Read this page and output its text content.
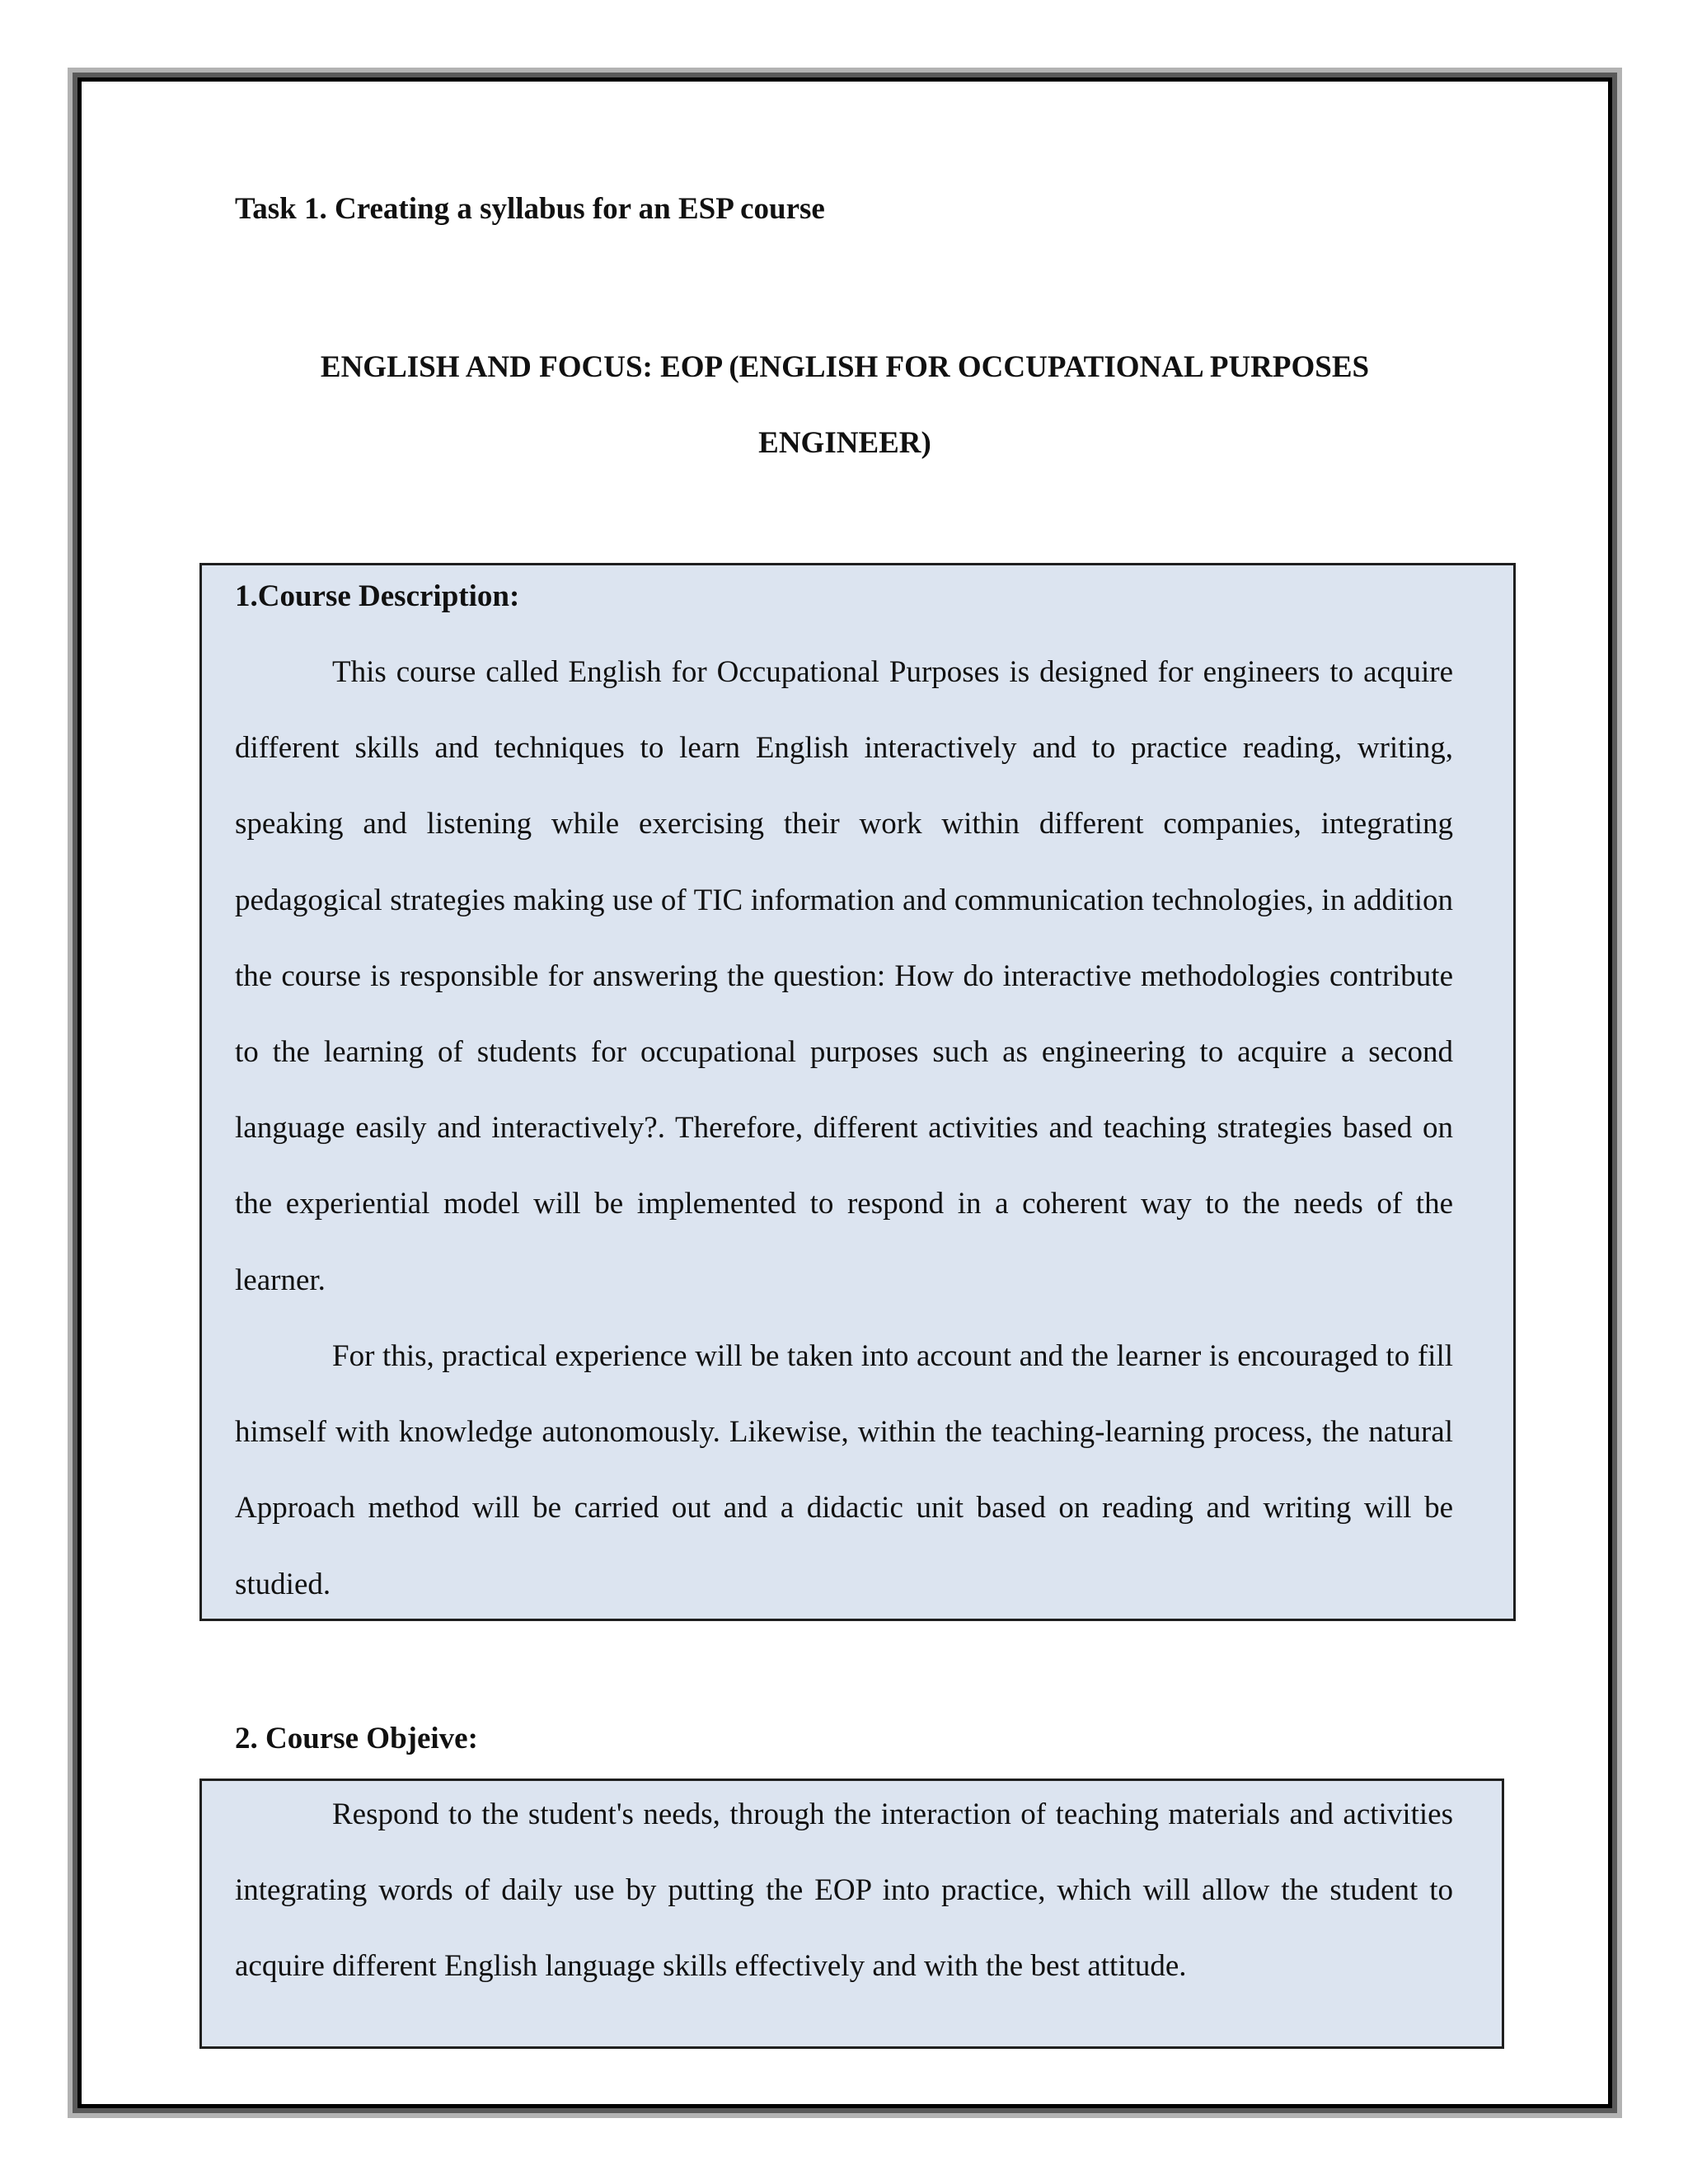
Task 1. Creating a syllabus for an ESP course
ENGLISH AND FOCUS: EOP (ENGLISH FOR OCCUPATIONAL PURPOSES
ENGINEER)
1.Course Description:

This course called English for Occupational Purposes is designed for engineers to acquire different skills and techniques to learn English interactively and to practice reading, writing, speaking and listening while exercising their work within different companies, integrating pedagogical strategies making use of TIC information and communication technologies, in addition the course is responsible for answering the question: How do interactive methodologies contribute to the learning of students for occupational purposes such as engineering to acquire a second language easily and interactively?. Therefore, different activities and teaching strategies based on the experiential model will be implemented to respond in a coherent way to the needs of the learner.

For this, practical experience will be taken into account and the learner is encouraged to fill himself with knowledge autonomously. Likewise, within the teaching-learning process, the natural Approach method will be carried out and a didactic unit based on reading and writing will be studied.

2. Course Objeive:

Respond to the student's needs, through the interaction of teaching materials and activities integrating words of daily use by putting the EOP into practice, which will allow the student to acquire different English language skills effectively and with the best attitude.
